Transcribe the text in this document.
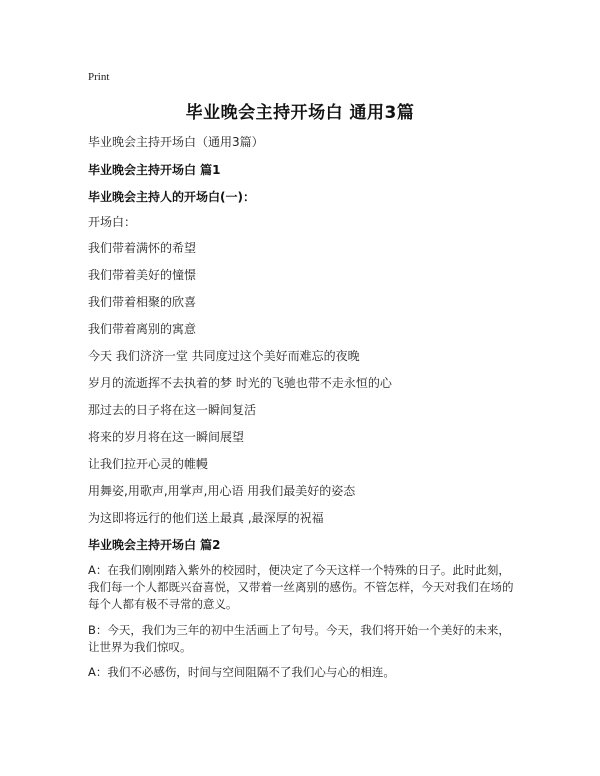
Print
毕业晚会主持开场白 通用3篇
毕业晚会主持开场白（通用3篇）
毕业晚会主持开场白 篇1
毕业晚会主持人的开场白(一)：
开场白：
我们带着满怀的希望
我们带着美好的憧憬
我们带着相聚的欣喜
我们带着离别的寓意
今天 我们济济一堂 共同度过这个美好而难忘的夜晚
岁月的流逝挥不去执着的梦 时光的飞驰也带不走永恒的心
那过去的日子将在这一瞬间复活
将来的岁月将在这一瞬间展望
让我们拉开心灵的帷幔
用舞姿,用歌声,用掌声,用心语 用我们最美好的姿态
为这即将远行的他们送上最真 ,最深厚的祝福
毕业晚会主持开场白 篇2
A：在我们刚刚踏入紫外的校园时，便决定了今天这样一个特殊的日子。此时此刻，我们每一个人都既兴奋喜悦，又带着一丝离别的感伤。不管怎样，今天对我们在场的每个人都有极不寻常的意义。
B：今天，我们为三年的初中生活画上了句号。今天，我们将开始一个美好的未来，让世界为我们惊叹。
A：我们不必感伤，时间与空间阻隔不了我们心与心的相连。
